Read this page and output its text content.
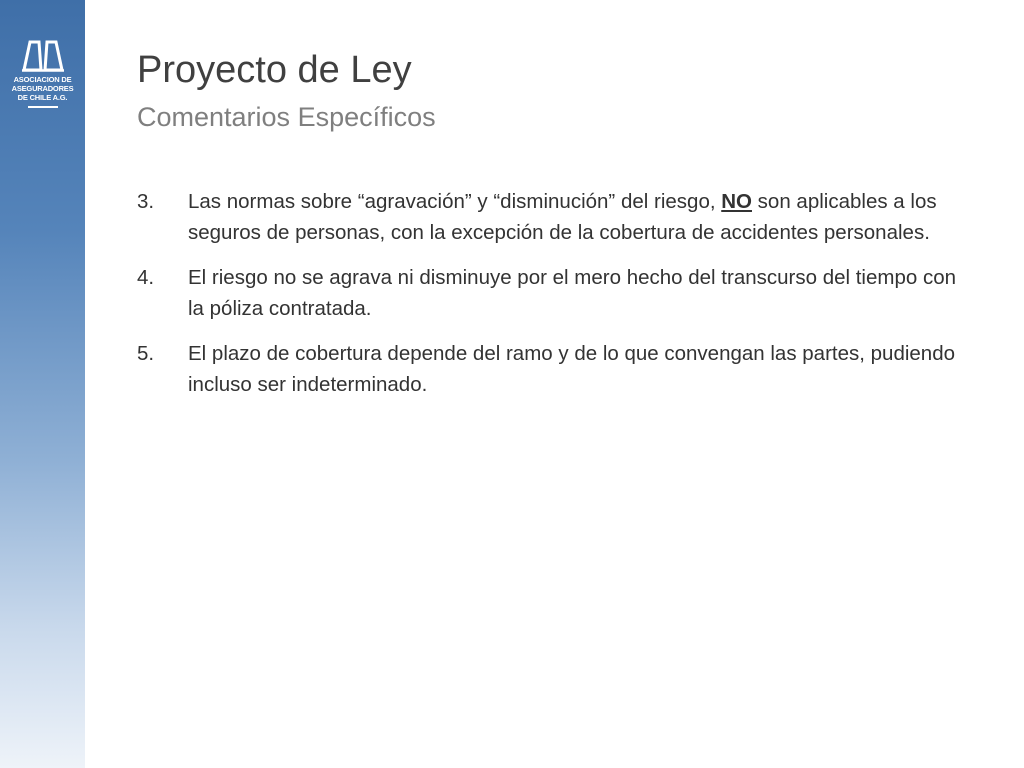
ASOCIACION DE
ASEGURADORES
DE CHILE A.G.
Proyecto de Ley
Comentarios Específicos
3. Las normas sobre “agravación” y “disminución” del riesgo, NO son aplicables a los seguros de personas, con la excepción de la cobertura de accidentes personales.
4. El riesgo no se agrava ni disminuye por el mero hecho del transcurso del tiempo con la póliza contratada.
5. El plazo de cobertura depende del ramo y de lo que convengan las partes, pudiendo incluso ser indeterminado.
